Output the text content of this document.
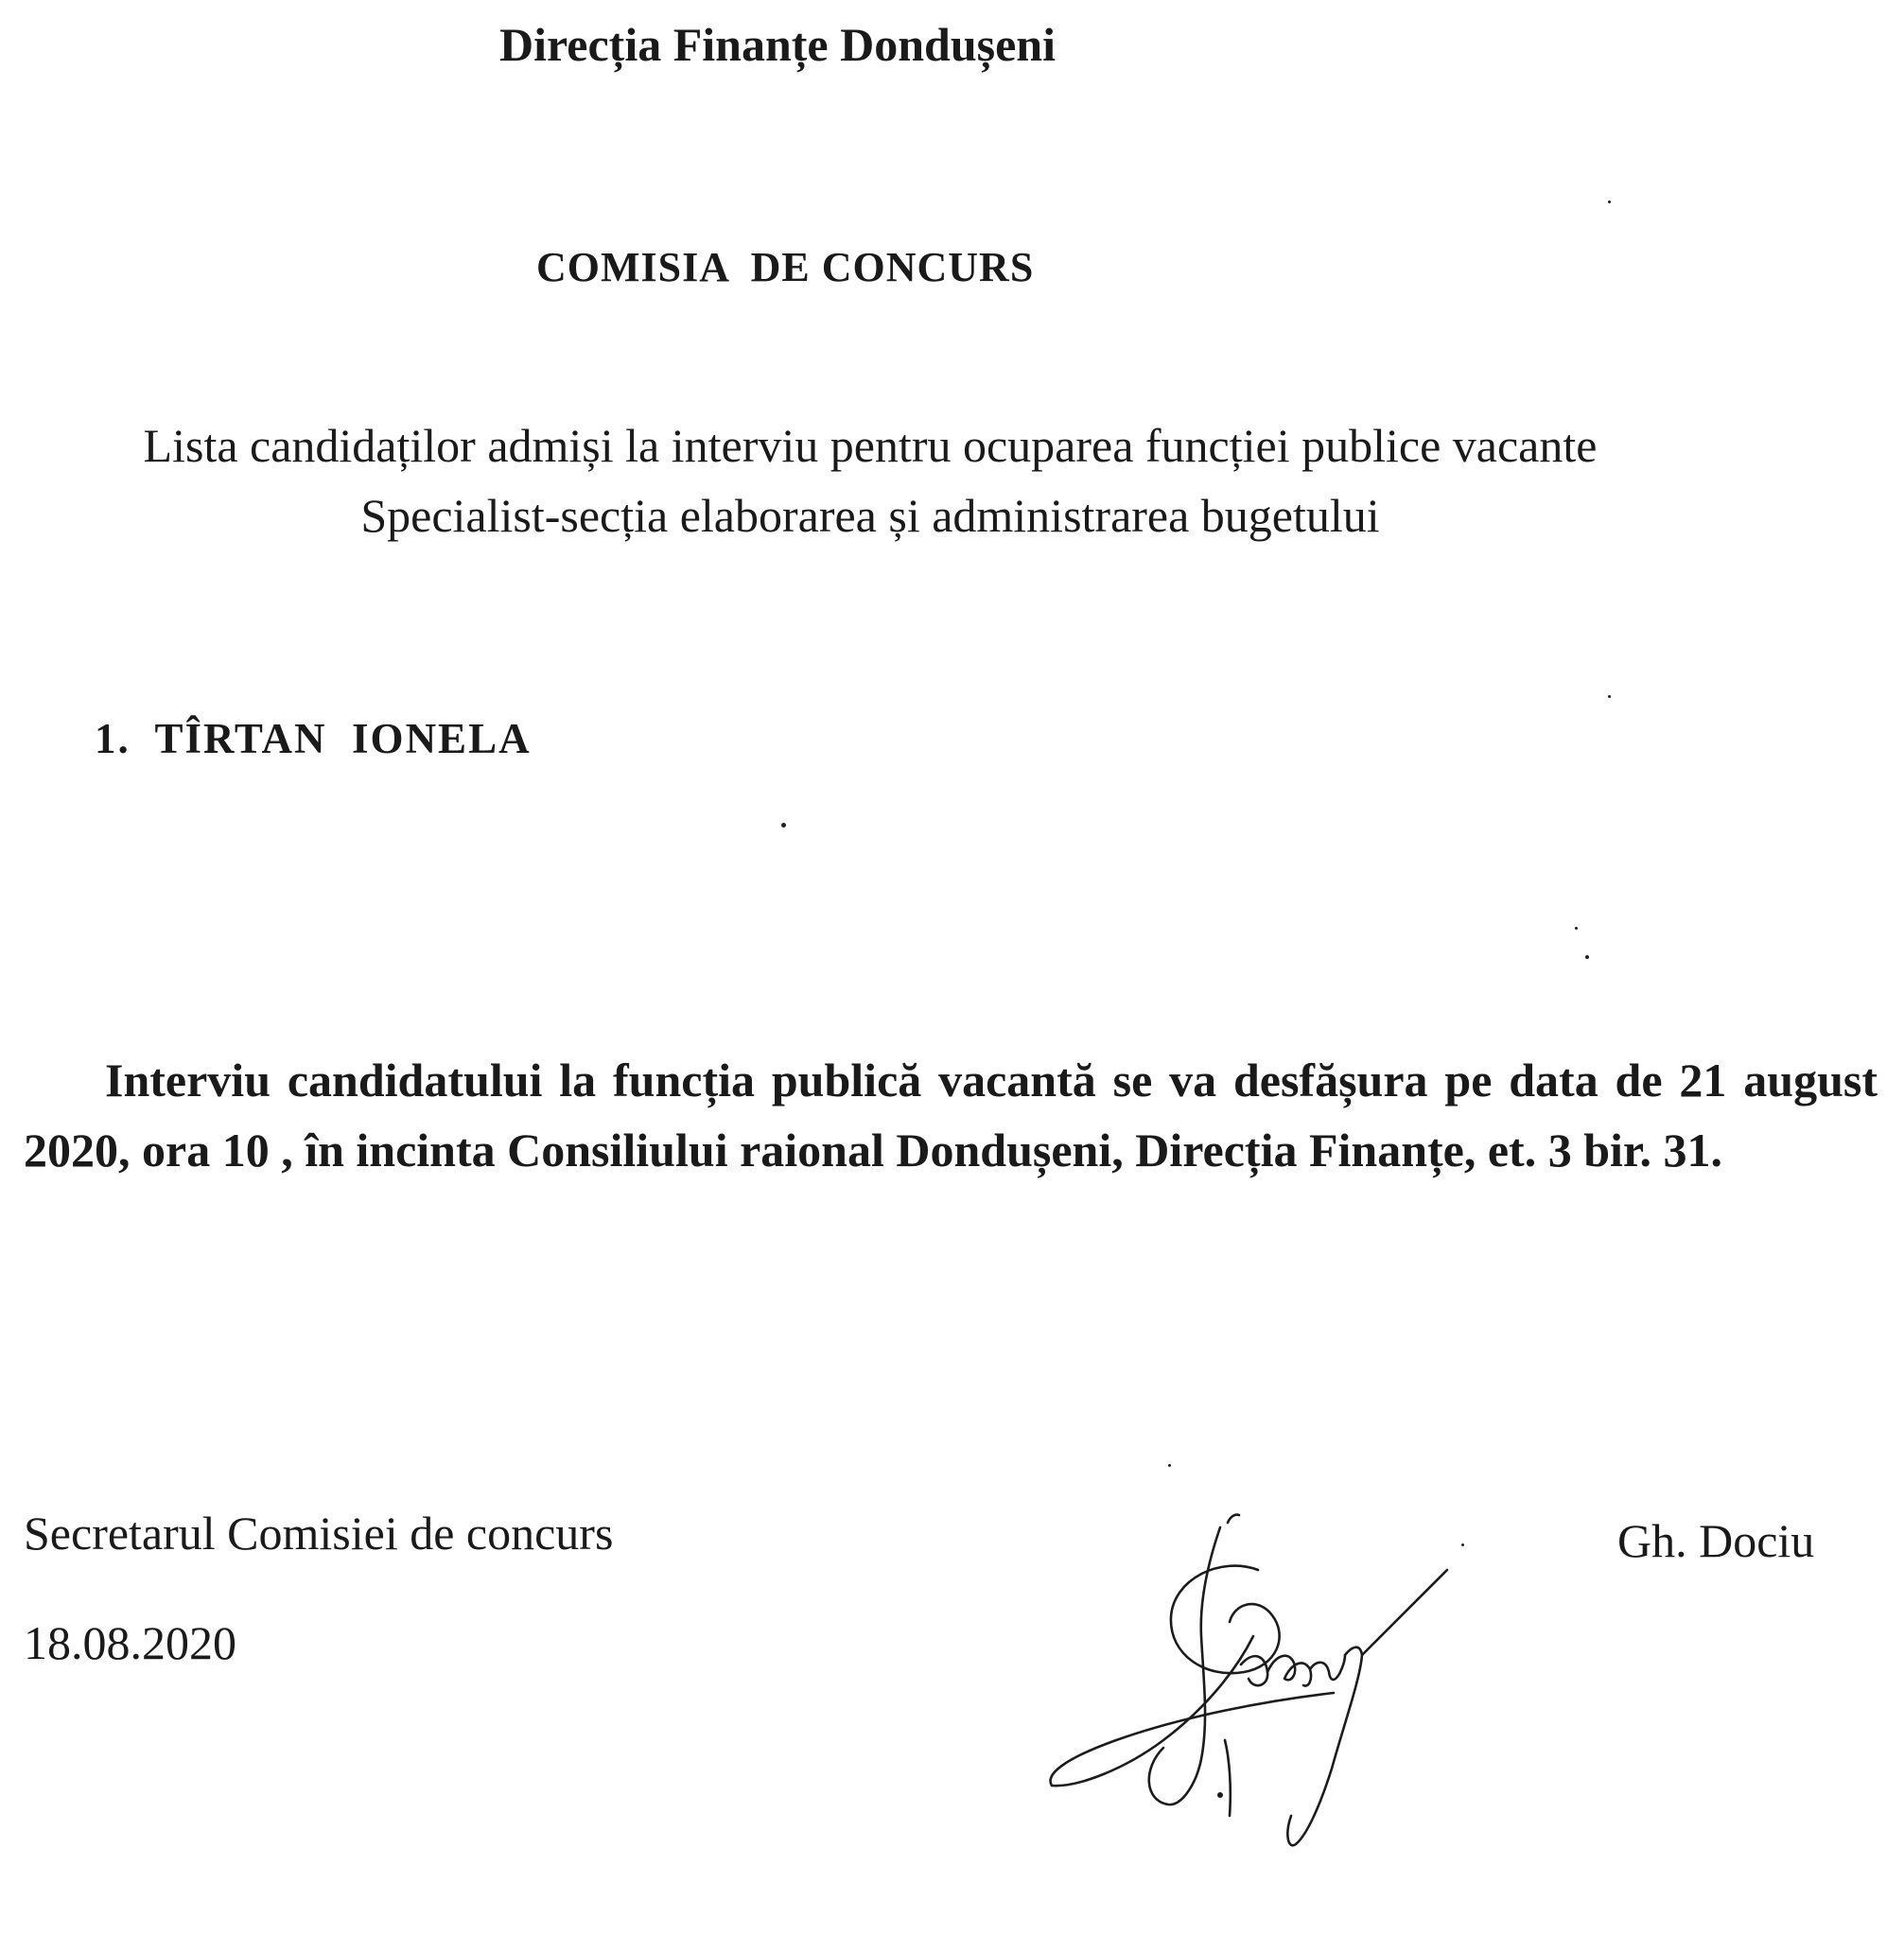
Direcția Finanțe Dondușeni
COMISIA  DE CONCURS
Lista candidaților admiși la interviu pentru ocuparea funcției publice vacante
Specialist-secția elaborarea și administrarea bugetului
1. TÎRTAN  IONELA
Interviu candidatului la funcția publică vacantă se va desfășura pe data de 21 august 2020, ora 10 , în incinta Consiliului raional Dondușeni, Direcția Finanțe, et. 3 bir. 31.
Secretarul Comisiei de concurs
18.08.2020
Gh. Dociu
